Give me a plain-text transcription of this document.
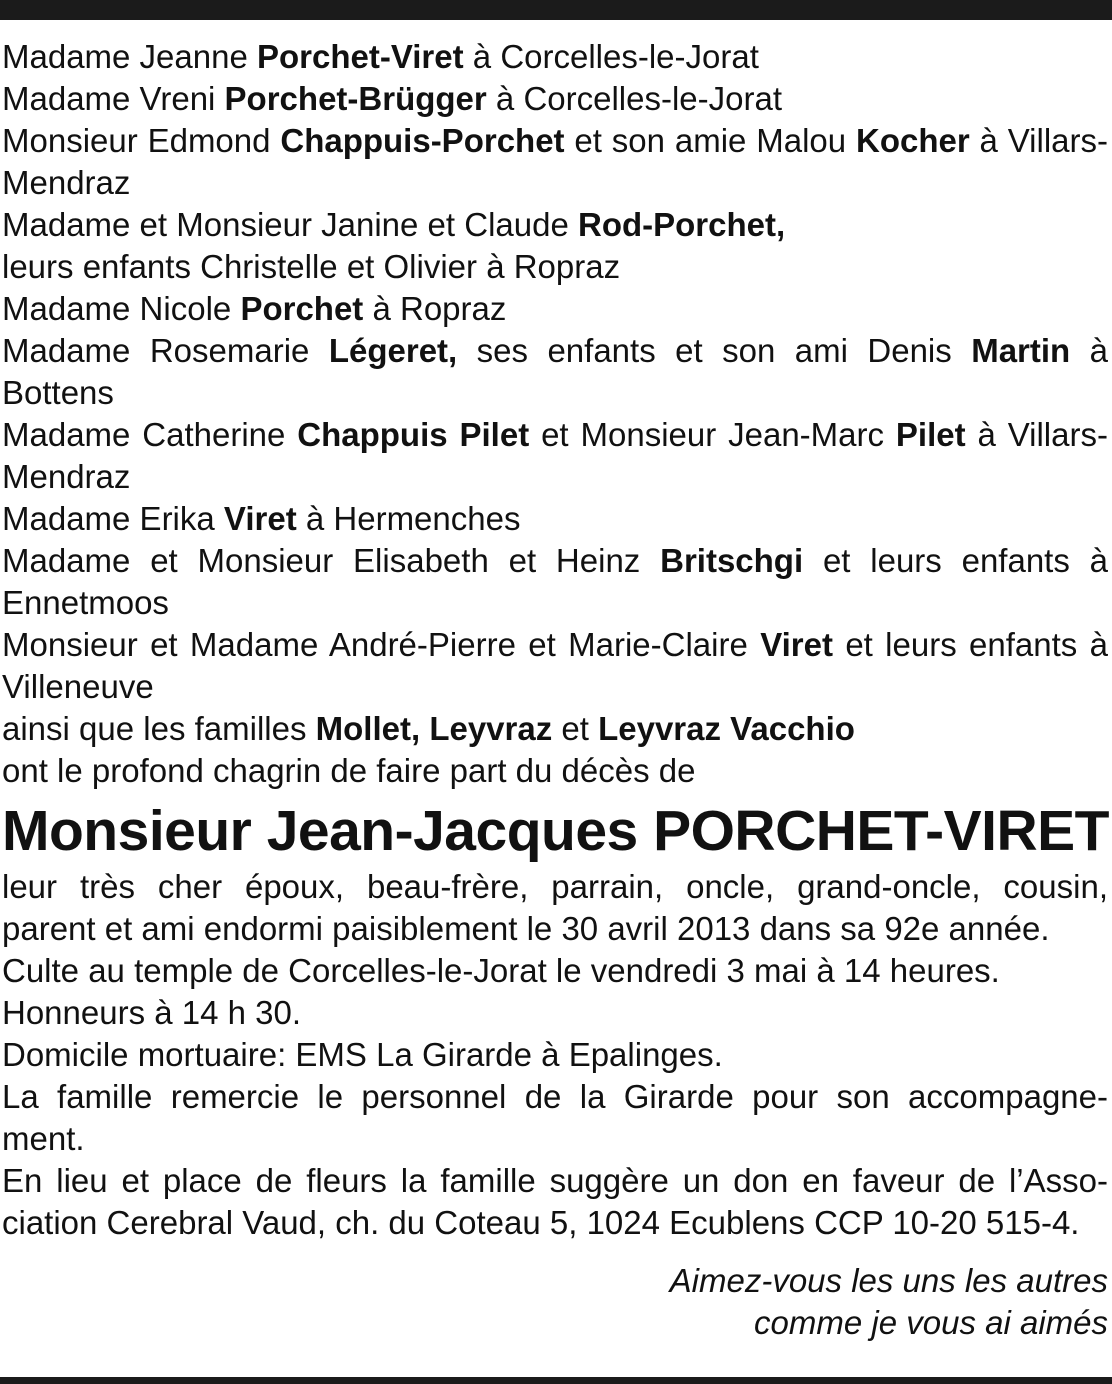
Madame Jeanne Porchet-Viret à Corcelles-le-Jorat
Madame Vreni Porchet-Brügger à Corcelles-le-Jorat
Monsieur Edmond Chappuis-Porchet et son amie Malou Kocher à Villars-Mendraz
Madame et Monsieur Janine et Claude Rod-Porchet,
leurs enfants Christelle et Olivier à Ropraz
Madame Nicole Porchet à Ropraz
Madame Rosemarie Légeret, ses enfants et son ami Denis Martin à Bottens
Madame Catherine Chappuis Pilet et Monsieur Jean-Marc Pilet à Villars-Mendraz
Madame Erika Viret à Hermenches
Madame et Monsieur Elisabeth et Heinz Britschgi et leurs enfants à Ennetmoos
Monsieur et Madame André-Pierre et Marie-Claire Viret et leurs enfants à Villeneuve
ainsi que les familles Mollet, Leyvraz et Leyvraz Vacchio
ont le profond chagrin de faire part du décès de
Monsieur Jean-Jacques PORCHET-VIRET
leur très cher époux, beau-frère, parrain, oncle, grand-oncle, cousin,
parent et ami endormi paisiblement le 30 avril 2013 dans sa 92e année.
Culte au temple de Corcelles-le-Jorat le vendredi 3 mai à 14 heures.
Honneurs à 14 h 30.
Domicile mortuaire: EMS La Girarde à Epalinges.
La famille remercie le personnel de la Girarde pour son accompagne-
ment.
En lieu et place de fleurs la famille suggère un don en faveur de l’Asso-
ciation Cerebral Vaud, ch. du Coteau 5, 1024 Ecublens CCP 10-20 515-4.
Aimez-vous les uns les autres
comme je vous ai aimés
